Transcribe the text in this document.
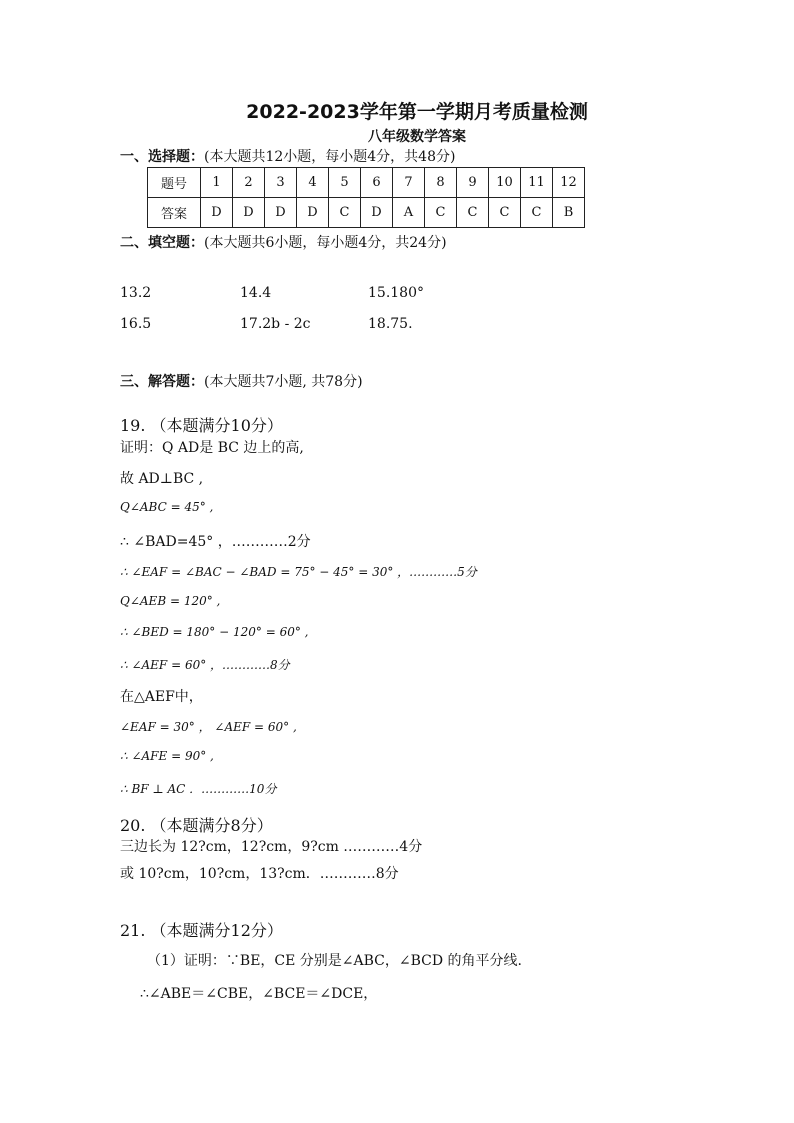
2022-2023学年第一学期月考质量检测
八年级数学答案
一、选择题：(本大题共12小题，每小题4分，共48分)
题号	1	2	3	4	5	6	7	8	9	10	11	12
答案	D	D	D	D	C	D	A	C	C	C	C	B
二、填空题：(本大题共6小题，每小题4分，共24分)
13.2	14.4	15.180°
16.5	17.2b - 2c	18.75.
三、解答题：(本大题共7小题, 共78分)
19. （本题满分10分）
证明：Q AD是 BC 边上的高,
故 AD⊥BC ,
Q∠ABC = 45° ,
∴ ∠BAD=45° ，…………2分
∴ ∠EAF = ∠BAC − ∠BAD = 75° − 45° = 30° ，…………5分
Q∠AEB = 120° ,
∴ ∠BED = 180° − 120° = 60° ,
∴ ∠AEF = 60° ，…………8分
在△AEF中，
∠EAF = 30° ， ∠AEF = 60° ,
∴ ∠AFE = 90° ,
∴ BF ⊥ AC ．…………10分
20. （本题满分8分）
三边长为 12?cm，12?cm，9?cm …………4分
或 10?cm，10?cm，13?cm．…………8分
21. （本题满分12分）
（1）证明：∵BE，CE 分别是∠ABC，∠BCD 的角平分线.
∴∠ABE＝∠CBE，∠BCE＝∠DCE，
